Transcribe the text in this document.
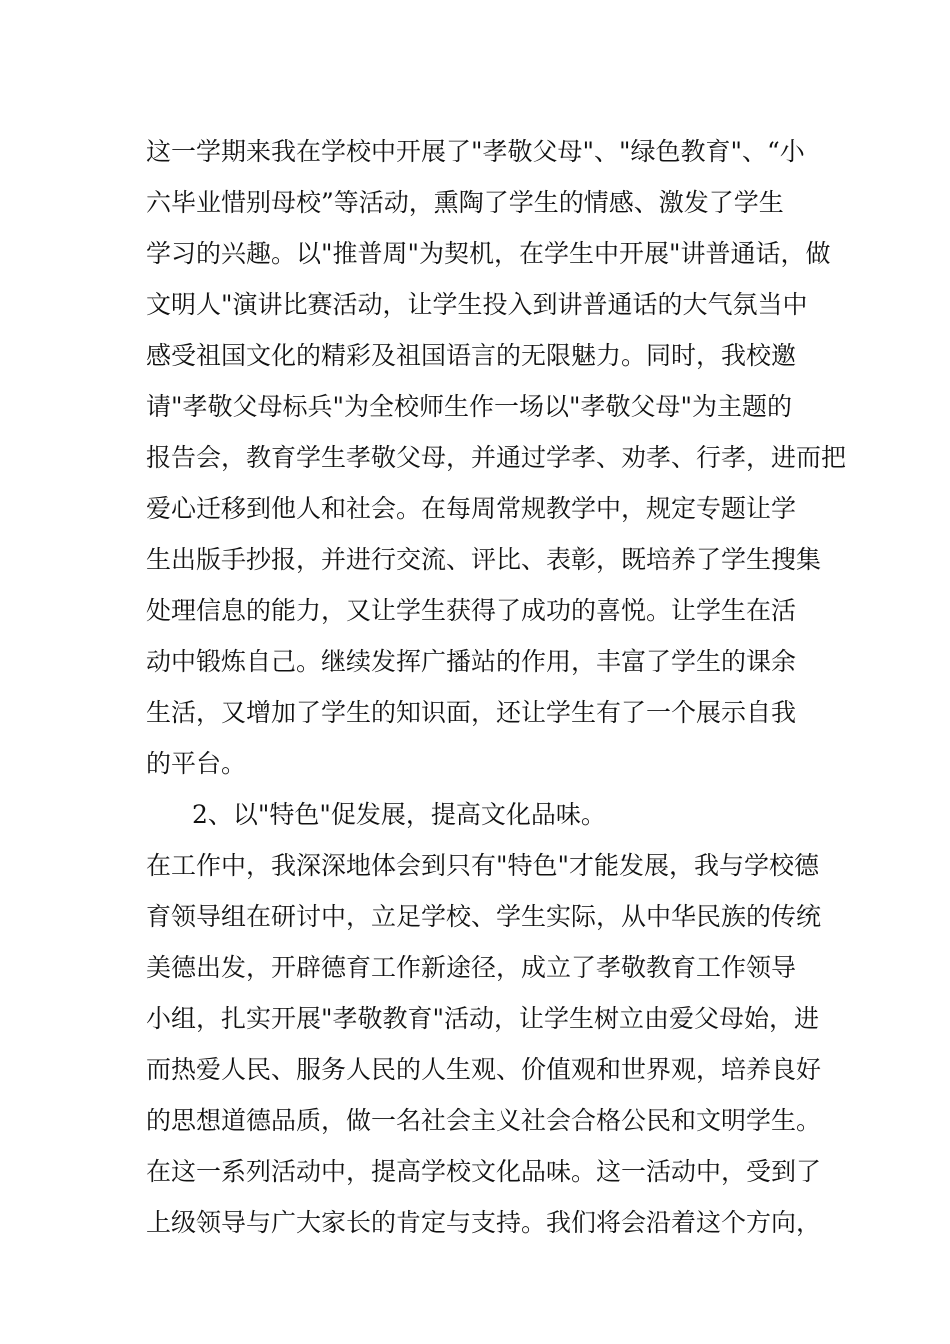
这一学期来我在学校中开展了"孝敬父母"、"绿色教育"、“小
六毕业惜别母校”等活动，熏陶了学生的情感、激发了学生
学习的兴趣。以"推普周"为契机，在学生中开展"讲普通话，做
文明人"演讲比赛活动，让学生投入到讲普通话的大气氛当中
感受祖国文化的精彩及祖国语言的无限魅力。同时，我校邀
请"孝敬父母标兵"为全校师生作一场以"孝敬父母"为主题的
报告会，教育学生孝敬父母，并通过学孝、劝孝、行孝，进而把
爱心迁移到他人和社会。在每周常规教学中，规定专题让学
生出版手抄报，并进行交流、评比、表彰，既培养了学生搜集
处理信息的能力，又让学生获得了成功的喜悦。让学生在活
动中锻炼自己。继续发挥广播站的作用，丰富了学生的课余
生活，又增加了学生的知识面，还让学生有了一个展示自我
的平台。
2、以"特色"促发展，提高文化品味。
在工作中，我深深地体会到只有"特色"才能发展，我与学校德
育领导组在研讨中，立足学校、学生实际，从中华民族的传统
美德出发，开辟德育工作新途径，成立了孝敬教育工作领导
小组，扎实开展"孝敬教育"活动，让学生树立由爱父母始，进
而热爱人民、服务人民的人生观、价值观和世界观，培养良好
的思想道德品质，做一名社会主义社会合格公民和文明学生。
在这一系列活动中，提高学校文化品味。这一活动中，受到了
上级领导与广大家长的肯定与支持。我们将会沿着这个方向，
